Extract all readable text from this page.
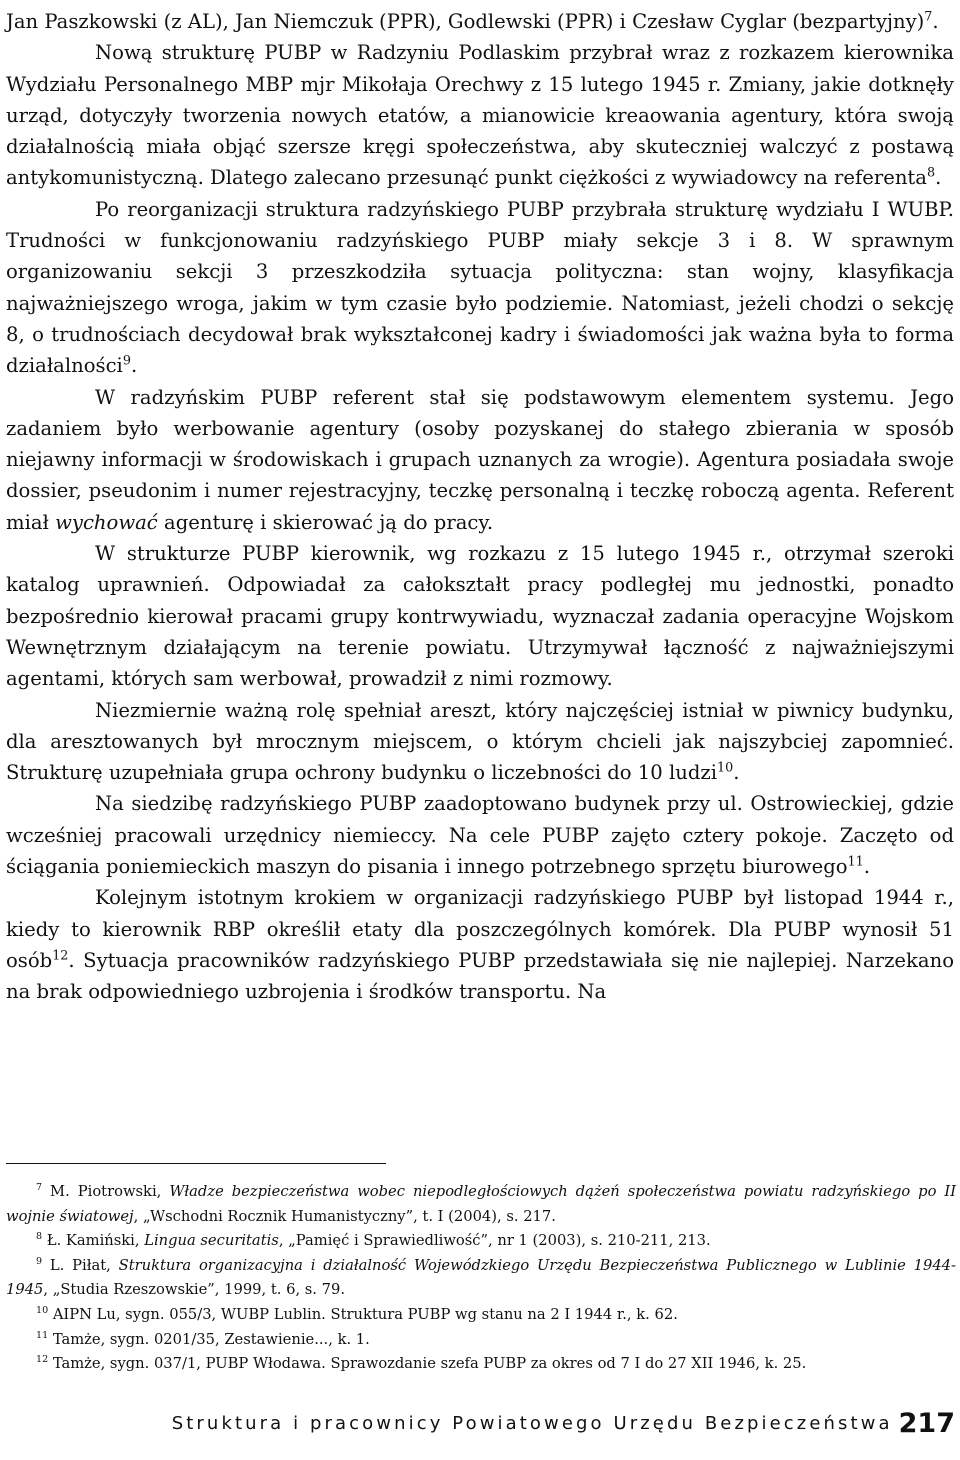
Jan Paszkowski (z AL), Jan Niemczuk (PPR), Godlewski (PPR) i Czesław Cyglar (bezpartyjny)$^7$.

Nową strukturę PUBP w Radzyniu Podlaskim przybrał wraz z rozkazem kierownika Wydziału Personalnego MBP mjr Mikołaja Orechwy z 15 lutego 1945 r. Zmiany, jakie dotknęły urząd, dotyczyły tworzenia nowych etatów, a mianowicie kreaowania agentury, która swoją działalnością miała objąć szersze kręgi społeczeństwa, aby skuteczniej walczyć z postawą antykomunistyczną. Dlatego zalecano przesunąć punkt ciężkości z wywiadowcy na referenta$^8$.

Po reorganizacji struktura radzyńskiego PUBP przybrała strukturę wydziału I WUBP. Trudności w funkcjonowaniu radzyńskiego PUBP miały sekcje 3 i 8. W sprawnym organizowaniu sekcji 3 przeszkodziła sytuacja polityczna: stan wojny, klasyfikacja najważniejszego wroga, jakim w tym czasie było podziemie. Natomiast, jeżeli chodzi o sekcję 8, o trudnościach decydował brak wykształconej kadry i świadomości jak ważna była to forma działalności$^9$.

W radzyńskim PUBP referent stał się podstawowym elementem systemu. Jego zadaniem było werbowanie agentury (osoby pozyskanej do stałego zbierania w sposób niejawny informacji w środowiskach i grupach uznanych za wrogie). Agentura posiadała swoje dossier, pseudonim i numer rejestracyjny, teczkę personalną i teczkę roboczą agenta. Referent miał wychować agenturę i skierować ją do pracy.

W strukturze PUBP kierownik, wg rozkazu z 15 lutego 1945 r., otrzymał szeroki katalog uprawnień. Odpowiadał za całokształt pracy podległej mu jednostki, ponadto bezpośrednio kierował pracami grupy kontrwywiadu, wyznaczał zadania operacyjne Wojskom Wewnętrznym działającym na terenie powiatu. Utrzymywał łączność z najważniejszymi agentami, których sam werbował, prowadził z nimi rozmowy.

Niezmiernie ważną rolę spełniał areszt, który najczęściej istniał w piwnicy budynku, dla aresztowanych był mrocznym miejscem, o którym chcieli jak najszybciej zapomnieć. Strukturę uzupełniała grupa ochrony budynku o liczebności do 10 ludzi$^{10}$.

Na siedzibę radzyńskiego PUBP zaadoptowano budynek przy ul. Ostrowieckiej, gdzie wcześniej pracowali urzędnicy niemieccy. Na cele PUBP zajęto cztery pokoje. Zaczęto od ściągania poniemieckich maszyn do pisania i innego potrzebnego sprzętu biurowego$^{11}$.

Kolejnym istotnym krokiem w organizacji radzyńskiego PUBP był listopad 1944 r., kiedy to kierownik RBP określił etaty dla poszczególnych komórek. Dla PUBP wynosił 51 osób$^{12}$. Sytuacja pracowników radzyńskiego PUBP przedstawiała się nie najlepiej. Narzekano na brak odpowiedniego uzbrojenia i środków transportu. Na

$^7$ M. Piotrowski, Władze bezpieczeństwa wobec niepodległościowych dążeń społeczeństwa powiatu radzyńskiego po II wojnie światowej, „Wschodni Rocznik Humanistyczny”, t. I (2004), s. 217.

$^8$ Ł. Kamiński, Lingua securitatis, „Pamięć i Sprawiedliwość”, nr 1 (2003), s. 210-211, 213.

$^9$ L. Piłat, Struktura organizacyjna i działalność Wojewódzkiego Urzędu Bezpieczeństwa Publicznego w Lublinie 1944-1945, „Studia Rzeszowskie”, 1999, t. 6, s. 79.

$^{10}$ AIPN Lu, sygn. 055/3, WUBP Lublin. Struktura PUBP wg stanu na 2 I 1944 r., k. 62.

$^{11}$ Tamże, sygn. 0201/35, Zestawienie..., k. 1.

$^{12}$ Tamże, sygn. 037/1, PUBP Włodawa. Sprawozdanie szefa PUBP za okres od 7 I do 27 XII 1946, k. 25.

Struktura i pracownicy Powiatowego Urzędu Bezpieczeństwa 217
